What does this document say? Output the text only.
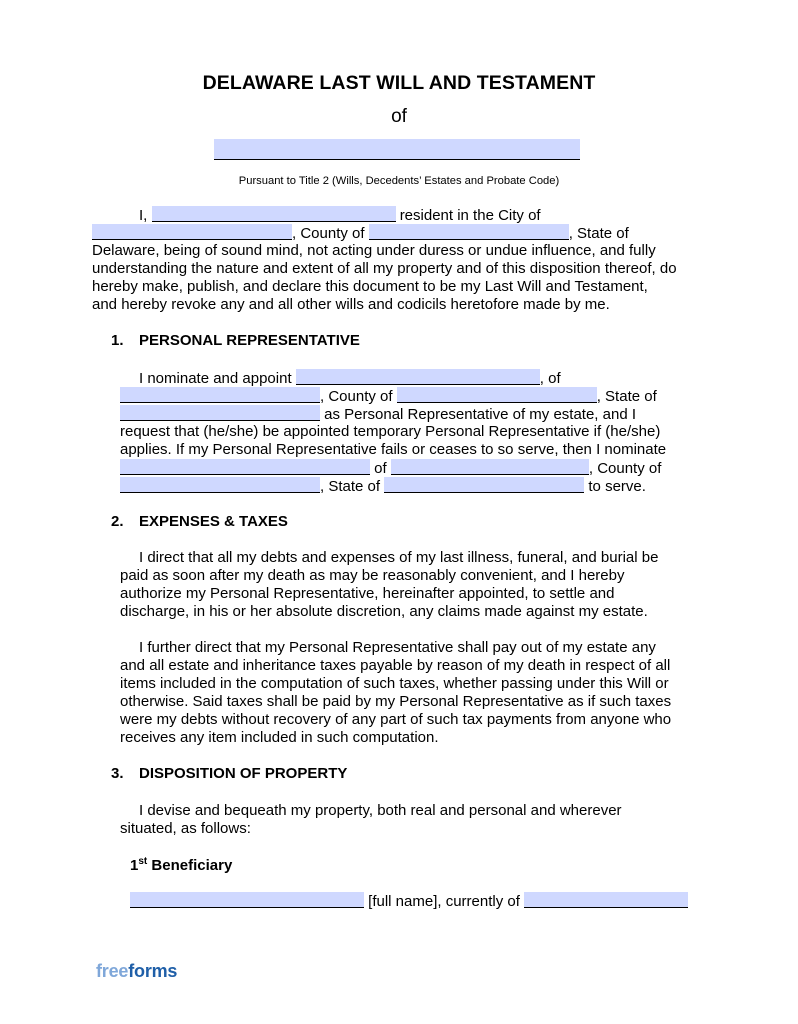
DELAWARE LAST WILL AND TESTAMENT
of
Pursuant to Title 2 (Wills, Decedents’ Estates and Probate Code)
I,	resident in the City of
, County of	, State of
Delaware, being of sound mind, not acting under duress or undue influence, and fully
understanding the nature and extent of all my property and of this disposition thereof, do
hereby make, publish, and declare this document to be my Last Will and Testament,
and hereby revoke any and all other wills and codicils heretofore made by me.
1. PERSONAL REPRESENTATIVE
I nominate and appoint	, of
, County of	, State of
as Personal Representative of my estate, and I
request that (he/she) be appointed temporary Personal Representative if (he/she)
applies. If my Personal Representative fails or ceases to so serve, then I nominate
of	, County of
, State of	to serve.
2. EXPENSES & TAXES
I direct that all my debts and expenses of my last illness, funeral, and burial be
paid as soon after my death as may be reasonably convenient, and I hereby
authorize my Personal Representative, hereinafter appointed, to settle and
discharge, in his or her absolute discretion, any claims made against my estate.
I further direct that my Personal Representative shall pay out of my estate any
and all estate and inheritance taxes payable by reason of my death in respect of all
items included in the computation of such taxes, whether passing under this Will or
otherwise. Said taxes shall be paid by my Personal Representative as if such taxes
were my debts without recovery of any part of such tax payments from anyone who
receives any item included in such computation.
3. DISPOSITION OF PROPERTY
I devise and bequeath my property, both real and personal and wherever
situated, as follows:
1st Beneficiary
[full name], currently of
freeforms
